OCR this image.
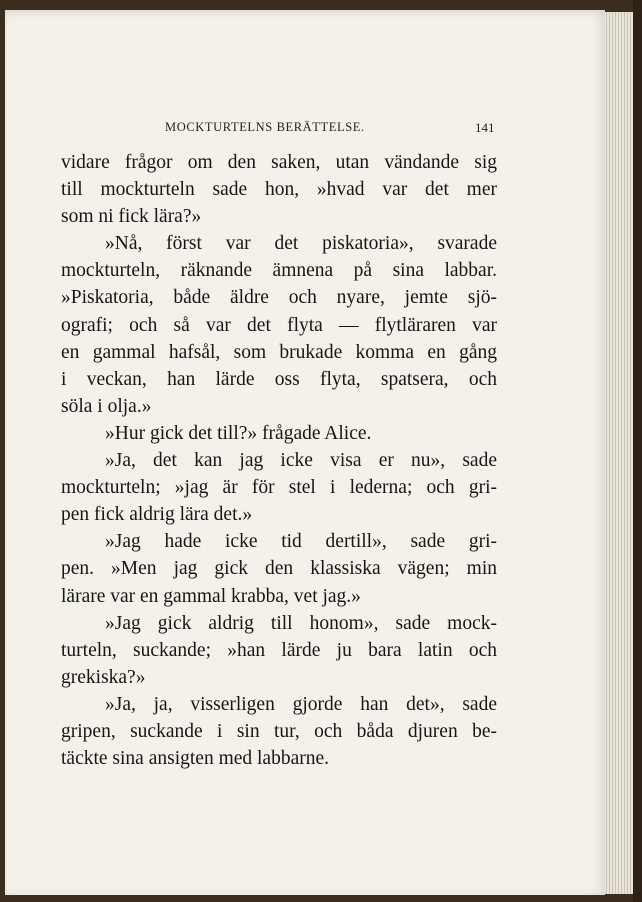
MOCKTURTELNS BERÄTTELSE.	141
vidare frågor om den saken, utan vändande sig
till mockturteln sade hon, »hvad var det mer
som ni fick lära?»
»Nå, först var det piskatoria», svarade
mockturteln, räknande ämnena på sina labbar.
»Piskatoria, både äldre och nyare, jemte sjö-
ografi; och så var det flyta — flytläraren var
en gammal hafsål, som brukade komma en gång
i veckan, han lärde oss flyta, spatsera, och
söla i olja.»
»Hur gick det till?» frågade Alice.
»Ja, det kan jag icke visa er nu», sade
mockturteln; »jag är för stel i lederna; och gri-
pen fick aldrig lära det.»
»Jag hade icke tid dertill», sade gri-
pen. »Men jag gick den klassiska vägen; min
lärare var en gammal krabba, vet jag.»
»Jag gick aldrig till honom», sade mock-
turteln, suckande; »han lärde ju bara latin och
grekiska?»
»Ja, ja, visserligen gjorde han det», sade
gripen, suckande i sin tur, och båda djuren be-
täckte sina ansigten med labbarne.
